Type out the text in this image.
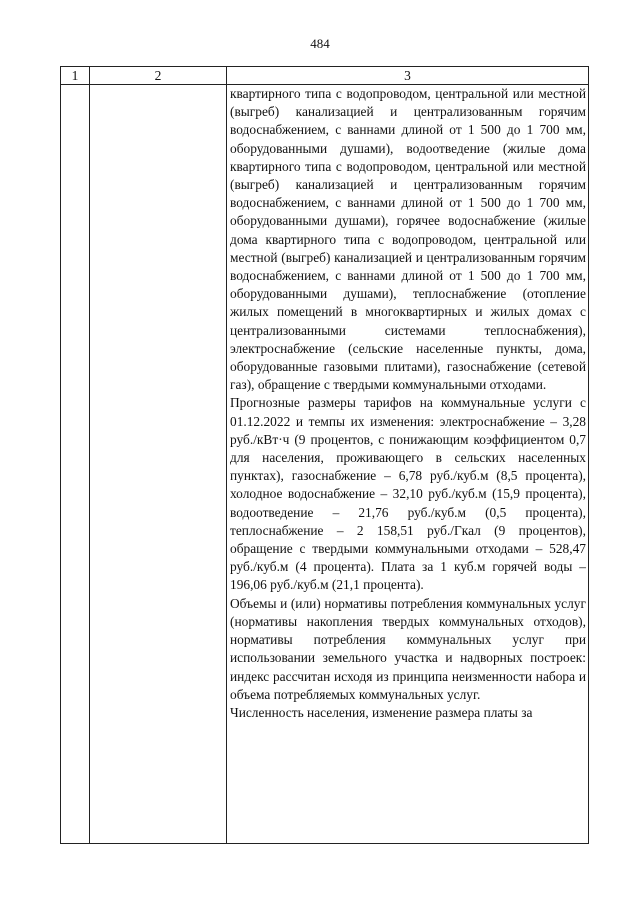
484
1	2	3

		квартирного типа с водопроводом, центральной или местной (выгреб) канализацией и централизованным горячим водоснабжением, с ваннами длиной от 1 500 до 1 700 мм, оборудованными душами), водоотведение (жилые дома квартирного типа с водопроводом, центральной или местной (выгреб) канализацией и централизованным горячим водоснабжением, с ваннами длиной от 1 500 до 1 700 мм, оборудованными душами), горячее водоснабжение (жилые дома квартирного типа с водопроводом, центральной или местной (выгреб) канализацией и централизованным горячим водоснабжением, с ваннами длиной от 1 500 до 1 700 мм, оборудованными душами), теплоснабжение (отопление жилых помещений в многоквартирных и жилых домах с централизованными системами теплоснабжения), электроснабжение (сельские населенные пункты, дома, оборудованные газовыми плитами), газоснабжение (сетевой газ), обращение с твердыми коммунальными отходами.

Прогнозные размеры тарифов на коммунальные услуги с 01.12.2022 и темпы их изменения: электроснабжение – 3,28 руб./кВт·ч (9 процентов, с понижающим коэффициентом 0,7 для населения, проживающего в сельских населенных пунктах), газоснабжение – 6,78 руб./куб.м (8,5 процента), холодное водоснабжение – 32,10 руб./куб.м (15,9 процента), водоотведение – 21,76 руб./куб.м (0,5 процента), теплоснабжение – 2 158,51 руб./Гкал (9 процентов), обращение с твердыми коммунальными отходами – 528,47 руб./куб.м (4 процента). Плата за 1 куб.м горячей воды – 196,06 руб./куб.м (21,1 процента).

Объемы и (или) нормативы потребления коммунальных услуг (нормативы накопления твердых коммунальных отходов), нормативы потребления коммунальных услуг при использовании земельного участка и надворных построек: индекс рассчитан исходя из принципа неизменности набора и объема потребляемых коммунальных услуг.

Численность населения, изменение размера платы за
